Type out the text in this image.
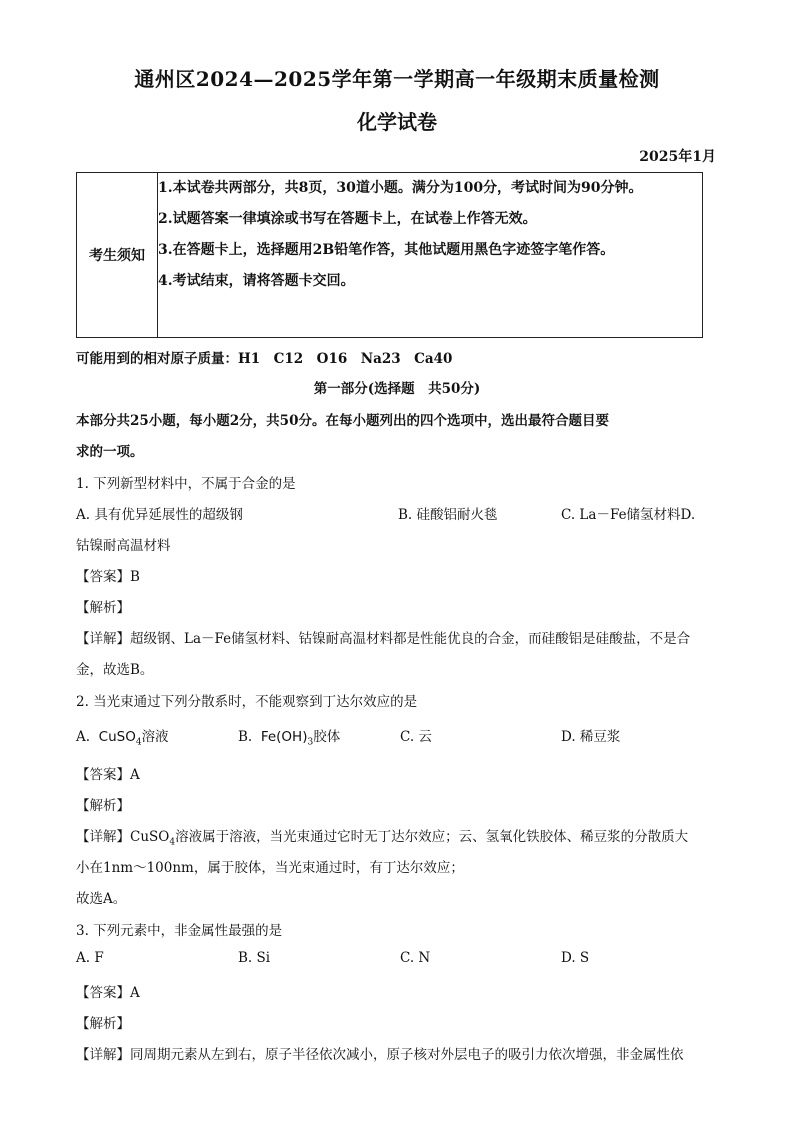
通州区2024—2025学年第一学期高一年级期末质量检测
化学试卷
2025年1月
考生须知	
1.本试卷共两部分，共8页，30道小题。满分为100分，考试时间为90分钟。
2.试题答案一律填涂或书写在答题卡上，在试卷上作答无效。
3.在答题卡上，选择题用2B铅笔作答，其他试题用黑色字迹签字笔作答。
4.考试结束，请将答题卡交回。
可能用到的相对原子质量：H1　C12　O16　Na23　Ca40
第一部分(选择题　共50分)
本部分共25小题，每小题2分，共50分。在每小题列出的四个选项中，选出最符合题目要
求的一项。
1. 下列新型材料中，不属于合金的是
A. 具有优异延展性的超级钢	B. 硅酸铝耐火毯	C. La－Fe储氢材料D.
钴镍耐高温材料
【答案】B
【解析】
【详解】超级钢、La－Fe储氢材料、钴镍耐高温材料都是性能优良的合金，而硅酸铝是硅酸盐，不是合
金，故选B。
2. 当光束通过下列分散系时，不能观察到丁达尔效应的是
A. CuSO$_4$溶液	B. $Fe(OH)_3$胶体	C. 云	D. 稀豆浆
【答案】A
【解析】
【详解】CuSO$_4$溶液属于溶液，当光束通过它时无丁达尔效应；云、氢氧化铁胶体、稀豆浆的分散质大
小在1nm～100nm，属于胶体，当光束通过时，有丁达尔效应；
故选A。
3. 下列元素中，非金属性最强的是
A. F	B. Si	C. N	D. S
【答案】A
【解析】
【详解】同周期元素从左到右，原子半径依次减小，原子核对外层电子的吸引力依次增强，非金属性依
